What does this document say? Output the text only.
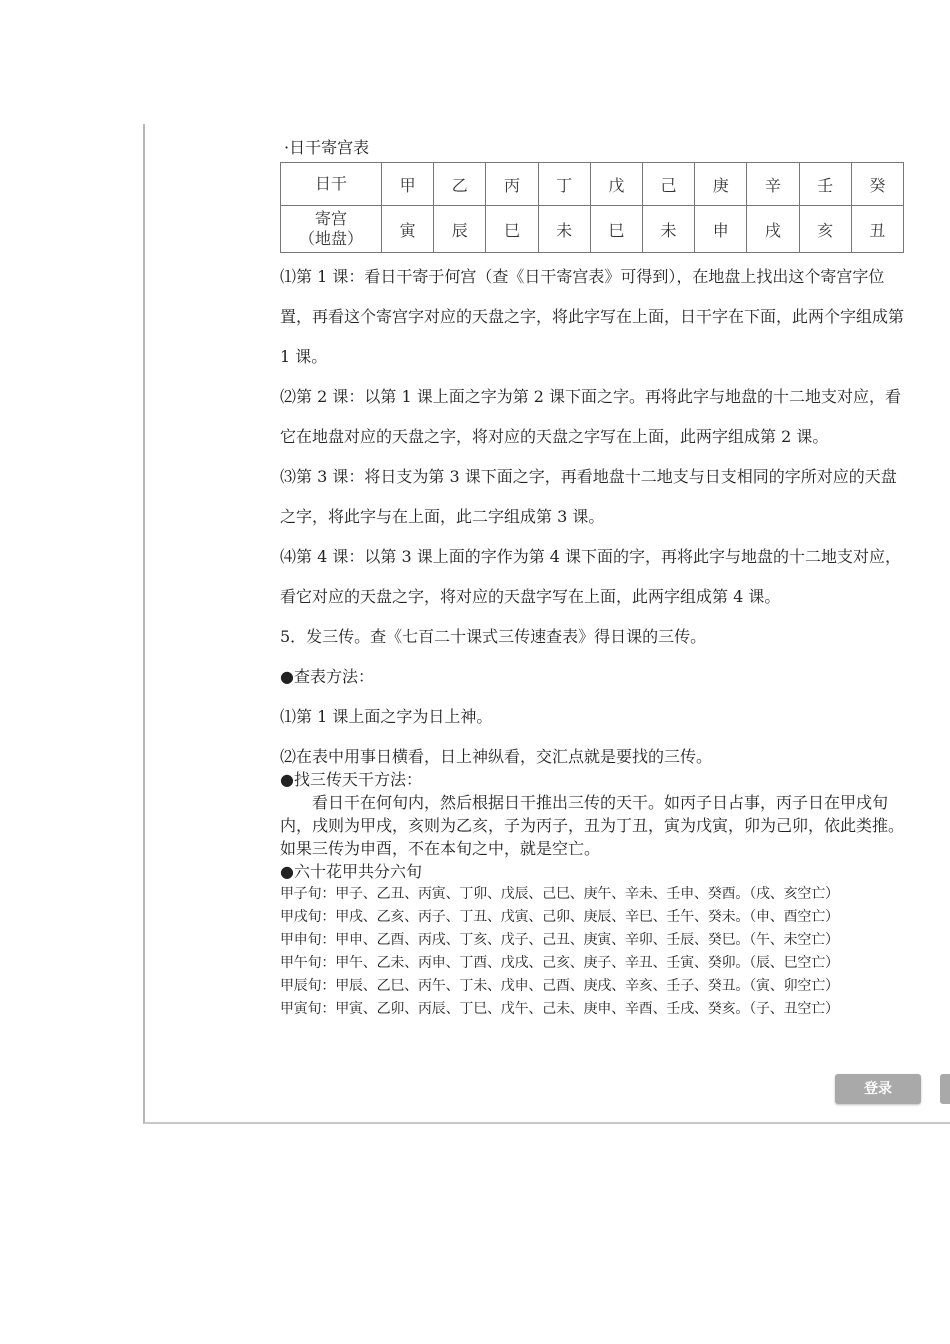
·日干寄宫表
日干	甲	乙	丙	丁	戊	己	庚	辛	壬	癸

寄宫
（地盘）	寅	辰	巳	未	巳	未	申	戌	亥	丑

⑴第 1 课：看日干寄于何宫（查《日干寄宫表》可得到），在地盘上找出这个寄宫字位置，再看这个寄宫字对应的天盘之字，将此字写在上面，日干字在下面，此两个字组成第 1 课。

⑵第 2 课：以第 1 课上面之字为第 2 课下面之字。再将此字与地盘的十二地支对应，看它在地盘对应的天盘之字，将对应的天盘之字写在上面，此两字组成第 2 课。

⑶第 3 课：将日支为第 3 课下面之字，再看地盘十二地支与日支相同的字所对应的天盘之字，将此字与在上面，此二字组成第 3 课。

⑷第 4 课：以第 3 课上面的字作为第 4 课下面的字，再将此字与地盘的十二地支对应，看它对应的天盘之字，将对应的天盘字写在上面，此两字组成第 4 课。

5．发三传。查《七百二十课式三传速查表》得日课的三传。

●查表方法：

⑴第 1 课上面之字为日上神。

⑵在表中用事日横看，日上神纵看，交汇点就是要找的三传。

●找三传天干方法：

看日干在何旬内，然后根据日干推出三传的天干。如丙子日占事，丙子日在甲戌旬内，戌则为甲戌，亥则为乙亥，子为丙子，丑为丁丑，寅为戊寅，卯为己卯，依此类推。如果三传为申酉，不在本旬之中，就是空亡。

●六十花甲共分六旬

甲子旬：甲子、乙丑、丙寅、丁卯、戊辰、己巳、庚午、辛未、壬申、癸酉。（戌、亥空亡）

甲戌旬：甲戌、乙亥、丙子、丁丑、戊寅、己卯、庚辰、辛巳、壬午、癸未。（申、酉空亡）

甲申旬：甲申、乙酉、丙戌、丁亥、戊子、己丑、庚寅、辛卯、壬辰、癸巳。（午、未空亡）

甲午旬：甲午、乙未、丙申、丁酉、戊戌、己亥、庚子、辛丑、壬寅、癸卯。（辰、巳空亡）

甲辰旬：甲辰、乙巳、丙午、丁未、戊申、己酉、庚戌、辛亥、壬子、癸丑。（寅、卯空亡）

甲寅旬：甲寅、乙卯、丙辰、丁巳、戊午、己未、庚申、辛酉、壬戌、癸亥。（子、丑空亡）

登录
